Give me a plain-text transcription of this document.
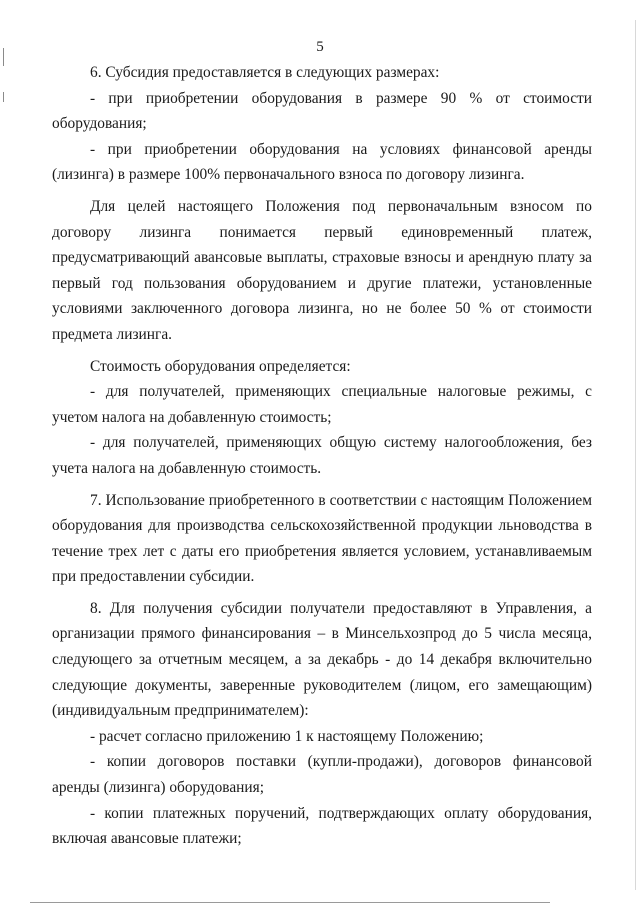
5

6. Субсидия предоставляется в следующих размерах:

- при приобретении оборудования в размере 90 % от стоимости оборудования;

- при приобретении оборудования на условиях финансовой аренды (лизинга) в размере 100% первоначального взноса по договору лизинга.

Для целей настоящего Положения под первоначальным взносом по договору лизинга понимается первый единовременный платеж, предусматривающий авансовые выплаты, страховые взносы и арендную плату за первый год пользования оборудованием и другие платежи, установленные условиями заключенного договора лизинга, но не более 50 % от стоимости предмета лизинга.

Стоимость оборудования определяется:

- для получателей, применяющих специальные налоговые режимы, с учетом налога на добавленную стоимость;

- для получателей, применяющих общую систему налогообложения, без учета налога на добавленную стоимость.

7. Использование приобретенного в соответствии с настоящим Положением оборудования для производства сельскохозяйственной продукции льноводства в течение трех лет с даты его приобретения является условием, устанавливаемым при предоставлении субсидии.

8. Для получения субсидии получатели предоставляют в Управления, а организации прямого финансирования – в Минсельхозпрод до 5 числа месяца, следующего за отчетным месяцем, а за декабрь - до 14 декабря включительно следующие документы, заверенные руководителем (лицом, его замещающим) (индивидуальным предпринимателем):

- расчет согласно приложению 1 к настоящему Положению;

- копии договоров поставки (купли-продажи), договоров финансовой аренды (лизинга) оборудования;

- копии платежных поручений, подтверждающих оплату оборудования, включая авансовые платежи;
